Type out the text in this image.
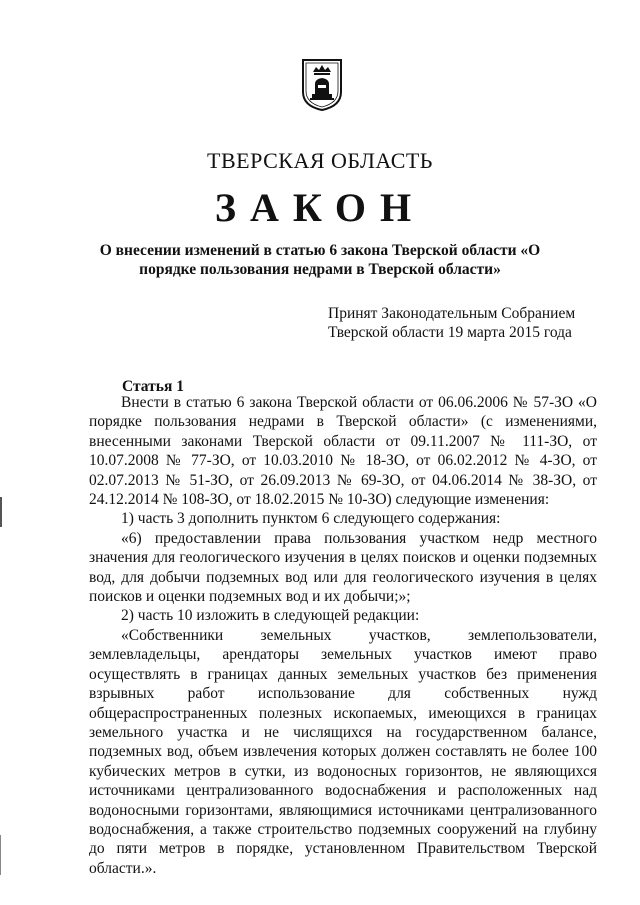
ТВЕРСКАЯ ОБЛАСТЬ
ЗАКОН
О внесении изменений в статью 6 закона Тверской области «О порядке пользования недрами в Тверской области»
Принят Законодательным Собранием
Тверской области 19 марта 2015 года
Статья 1

Внести в статью 6 закона Тверской области от 06.06.2006 № 57-ЗО «О порядке пользования недрами в Тверской области» (с изменениями, внесенными законами Тверской области от 09.11.2007 № 111-ЗО, от 10.07.2008 № 77-ЗО, от 10.03.2010 № 18-ЗО, от 06.02.2012 № 4-ЗО, от 02.07.2013 № 51-ЗО, от 26.09.2013 № 69-ЗО, от 04.06.2014 № 38-ЗО, от 24.12.2014 № 108-ЗО, от 18.02.2015 № 10-ЗО) следующие изменения:

1) часть 3 дополнить пунктом 6 следующего содержания:

«6) предоставлении права пользования участком недр местного значения для геологического изучения в целях поисков и оценки подземных вод, для добычи подземных вод или для геологического изучения в целях поисков и оценки подземных вод и их добычи;»;

2) часть 10 изложить в следующей редакции:

«Собственники земельных участков, землепользователи, землевладельцы, арендаторы земельных участков имеют право осуществлять в границах данных земельных участков без применения взрывных работ использование для собственных нужд общераспространенных полезных ископаемых, имеющихся в границах земельного участка и не числящихся на государственном балансе, подземных вод, объем извлечения которых должен составлять не более 100 кубических метров в сутки, из водоносных горизонтов, не являющихся источниками централизованного водоснабжения и расположенных над водоносными горизонтами, являющимися источниками централизованного водоснабжения, а также строительство подземных сооружений на глубину до пяти метров в порядке, установленном Правительством Тверской области.».
